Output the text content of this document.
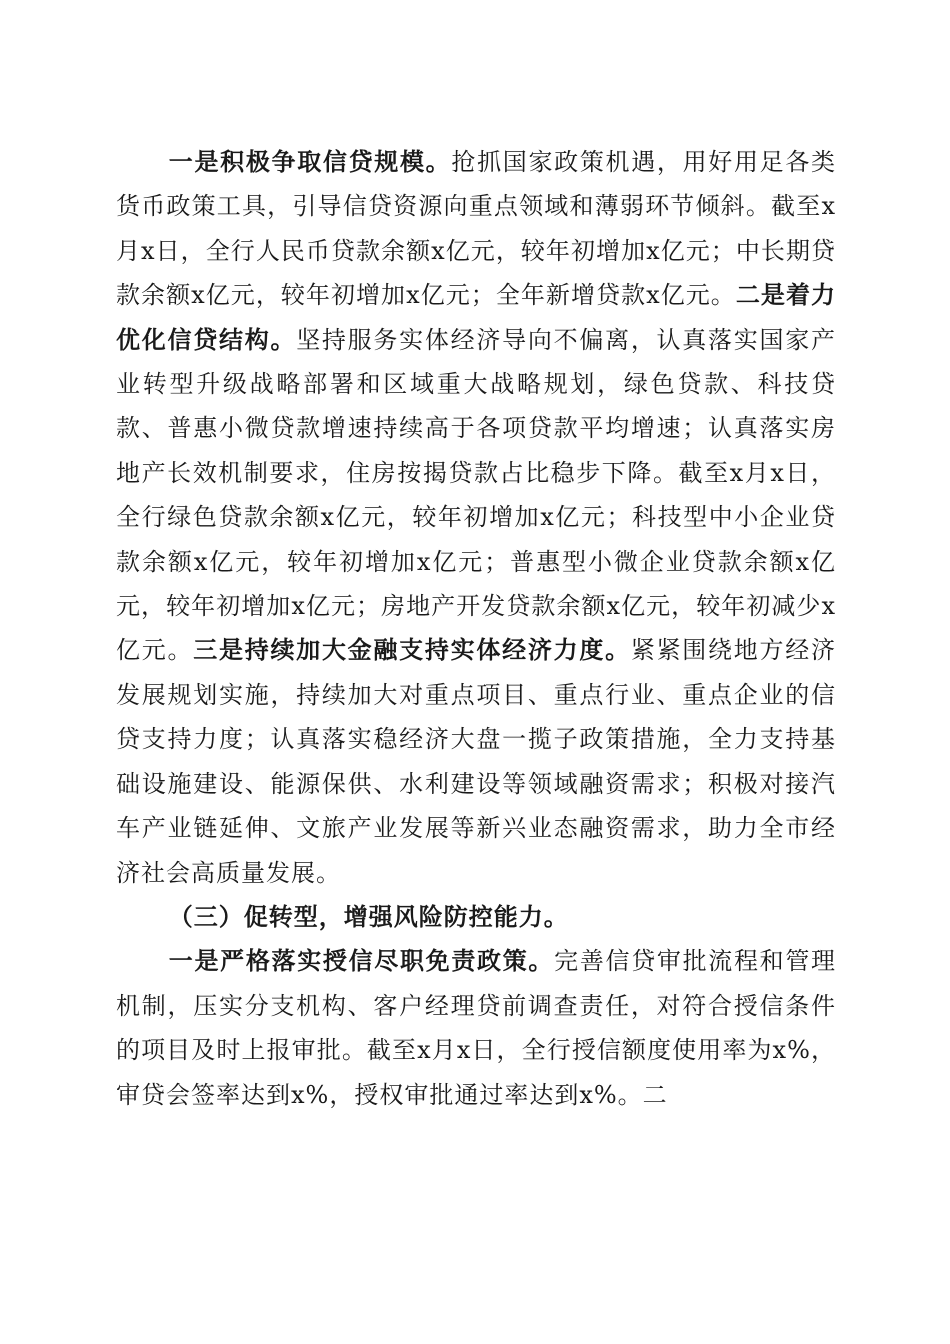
一是积极争取信贷规模。抢抓国家政策机遇，用好用足各类货币政策工具，引导信贷资源向重点领域和薄弱环节倾斜。截至x月x日，全行人民币贷款余额x亿元，较年初增加x亿元；中长期贷款余额x亿元，较年初增加x亿元；全年新增贷款x亿元。二是着力优化信贷结构。坚持服务实体经济导向不偏离，认真落实国家产业转型升级战略部署和区域重大战略规划，绿色贷款、科技贷款、普惠小微贷款增速持续高于各项贷款平均增速；认真落实房地产长效机制要求，住房按揭贷款占比稳步下降。截至x月x日，全行绿色贷款余额x亿元，较年初增加x亿元；科技型中小企业贷款余额x亿元，较年初增加x亿元；普惠型小微企业贷款余额x亿元，较年初增加x亿元；房地产开发贷款余额x亿元，较年初减少x亿元。三是持续加大金融支持实体经济力度。紧紧围绕地方经济发展规划实施，持续加大对重点项目、重点行业、重点企业的信贷支持力度；认真落实稳经济大盘一揽子政策措施，全力支持基础设施建设、能源保供、水利建设等领域融资需求；积极对接汽车产业链延伸、文旅产业发展等新兴业态融资需求，助力全市经济社会高质量发展。

（三）促转型，增强风险防控能力。

一是严格落实授信尽职免责政策。完善信贷审批流程和管理机制，压实分支机构、客户经理贷前调查责任，对符合授信条件的项目及时上报审批。截至x月x日，全行授信额度使用率为x%，审贷会签率达到x%，授权审批通过率达到x%。二
